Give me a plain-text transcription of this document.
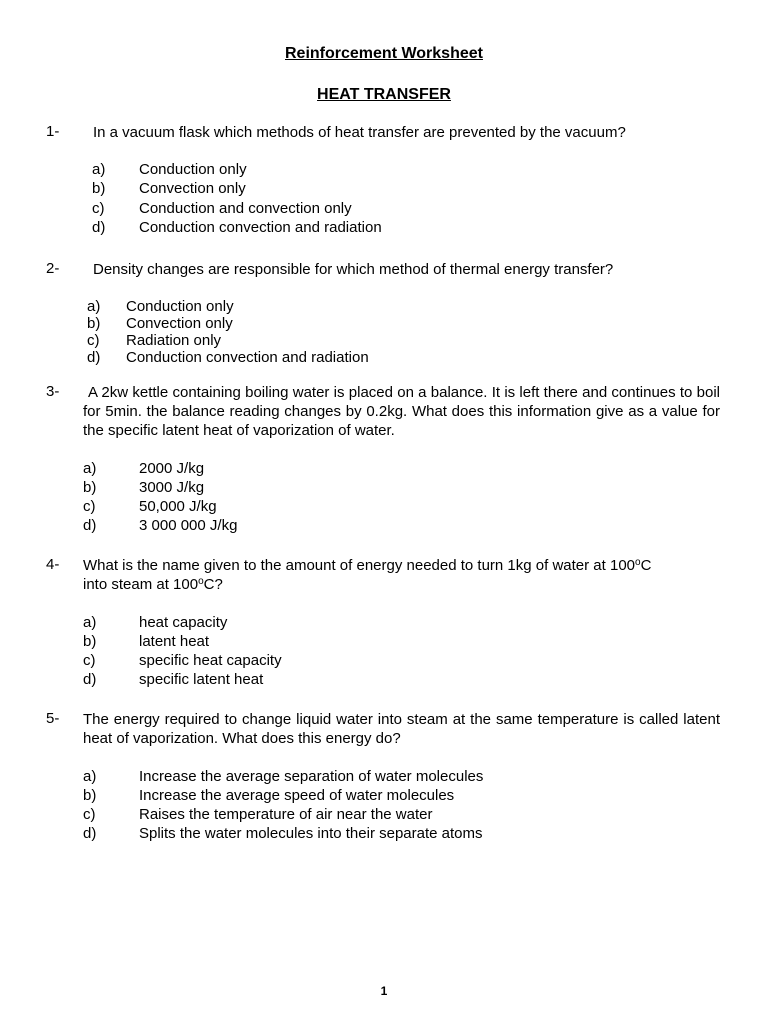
Reinforcement Worksheet
HEAT TRANSFER
1- In a vacuum flask which methods of heat transfer are prevented by the vacuum?
a) Conduction only
b) Convection only
c) Conduction and convection only
d) Conduction convection and radiation
2- Density changes are responsible for which method of thermal energy transfer?
a) Conduction only
b) Convection only
c) Radiation only
d) Conduction convection and radiation
3-	A 2kw kettle containing boiling water is placed on a balance. It is left there and continues to boil for 5min. the balance reading changes by 0.2kg. What does this information give as a value for the specific latent heat of vaporization of water.
a)	2000 J/kg
b)	3000 J/kg
c)	50,000 J/kg
d)	3 000 000 J/kg
4- What is the name given to the amount of energy needed to turn 1kg of water at 100$^o$C
into steam at 100$^o$C?
a)	heat capacity
b)	latent heat
c)	specific heat capacity
d)	specific latent heat
5- The energy required to change liquid water into steam at the same temperature is called latent heat of vaporization. What does this energy do?
a)	Increase the average separation of water molecules
b)	Increase the average speed of water molecules
c)	Raises the temperature of air near the water
d)	Splits the water molecules into their separate atoms
1
